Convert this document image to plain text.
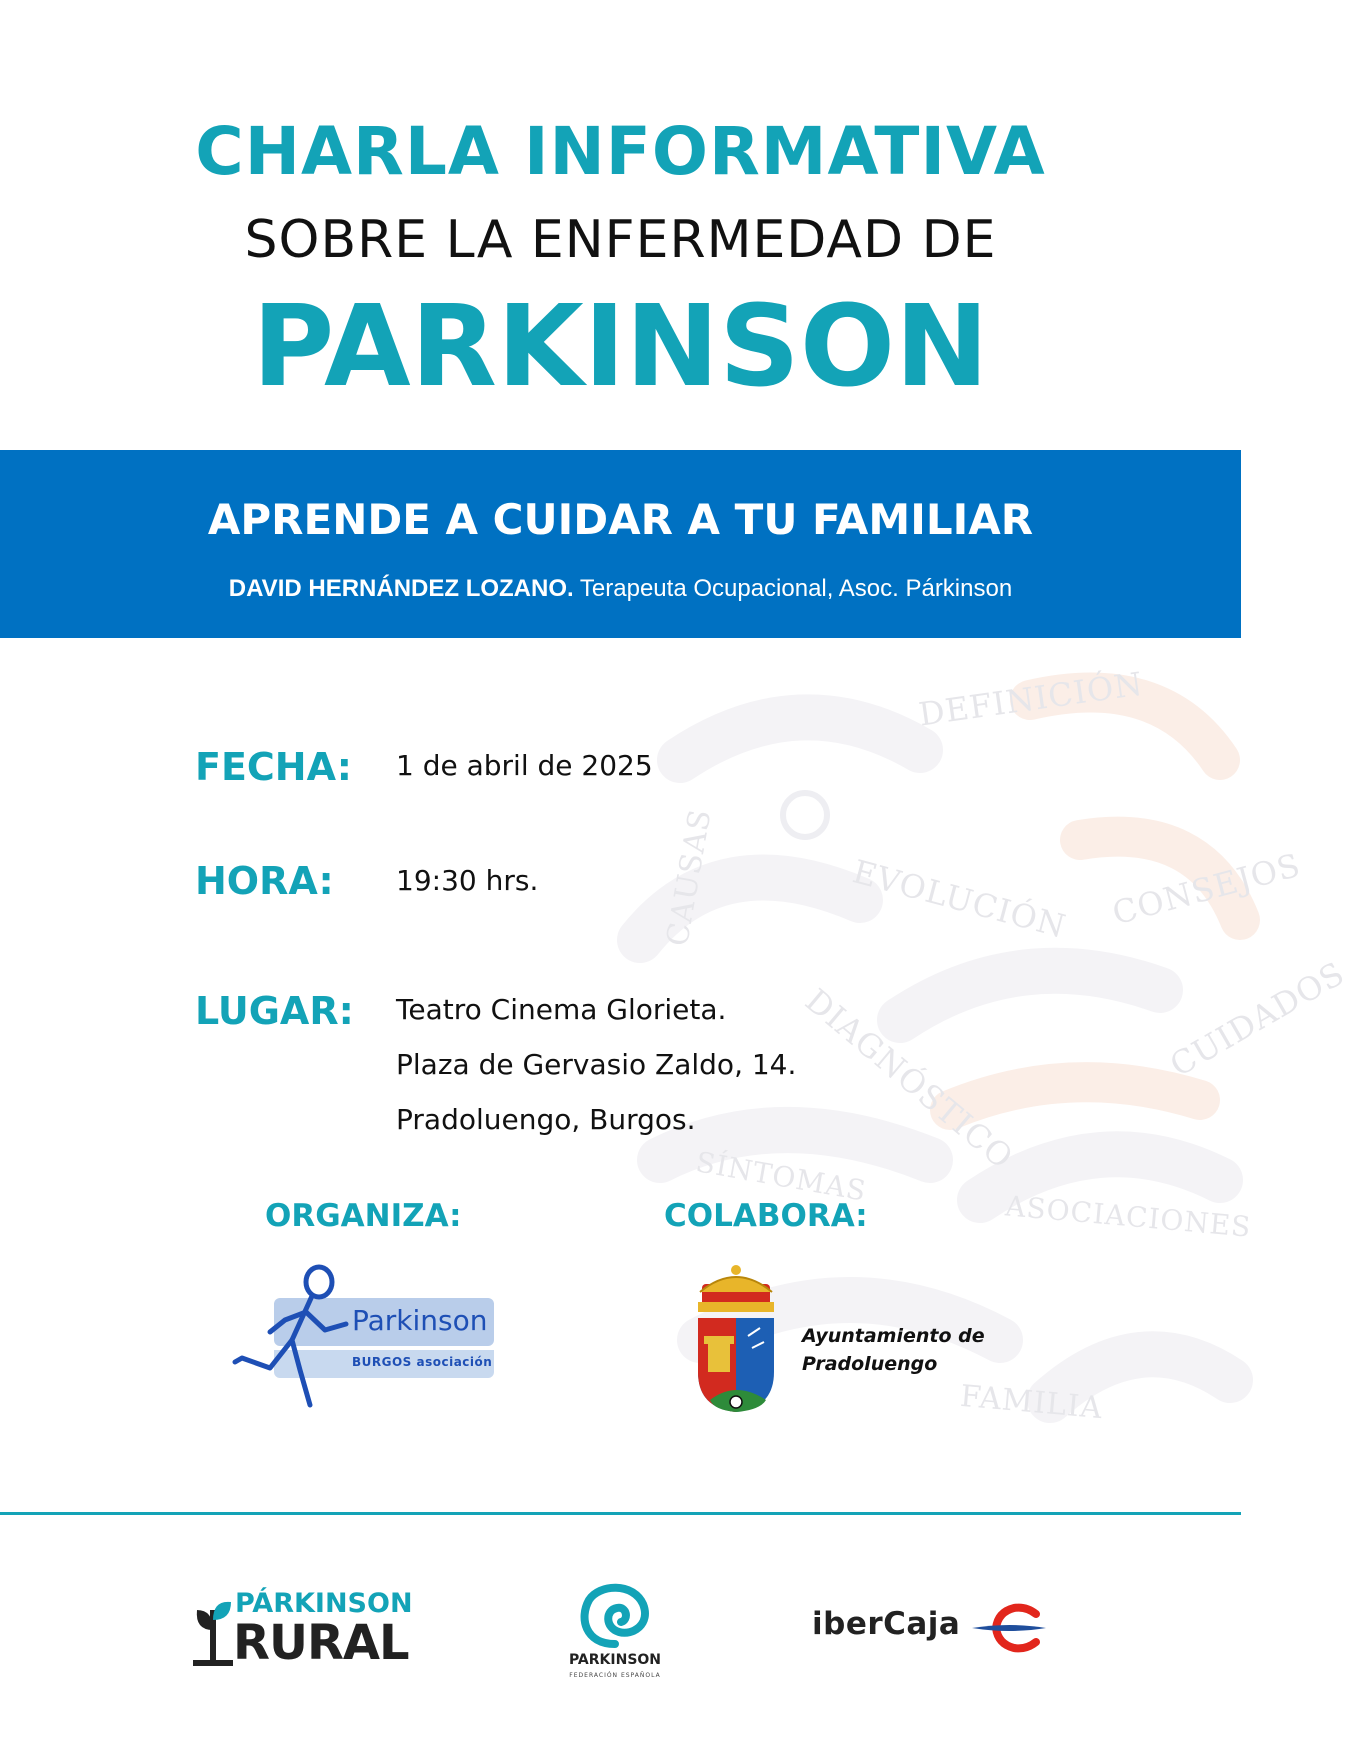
DEFINICIÓN
CAUSAS	EVOLUCIÓN CONSEJOS
CUIDADOS
DIAGNÓSTICO
SÍNTOMAS
ASOCIACIONES
FAMILIA
CHARLA INFORMATIVA
SOBRE LA ENFERMEDAD DE
PARKINSON
APRENDE A CUIDAR A TU FAMILIAR
DAVID HERNÁNDEZ LOZANO. Terapeuta Ocupacional, Asoc. Párkinson
FECHA: 1 de abril de 2025
HORA: 19:30 hrs.
LUGAR: Teatro Cinema Glorieta.
Plaza de Gervasio Zaldo, 14.
Pradoluengo, Burgos.
ORGANIZA:
Parkinson
BURGOS asociación
COLABORA:
Ayuntamiento de
Pradoluengo
PÁRKINSON
RURAL	PARKINSON
FEDERACIÓN ESPAÑOLA
iberCaja
